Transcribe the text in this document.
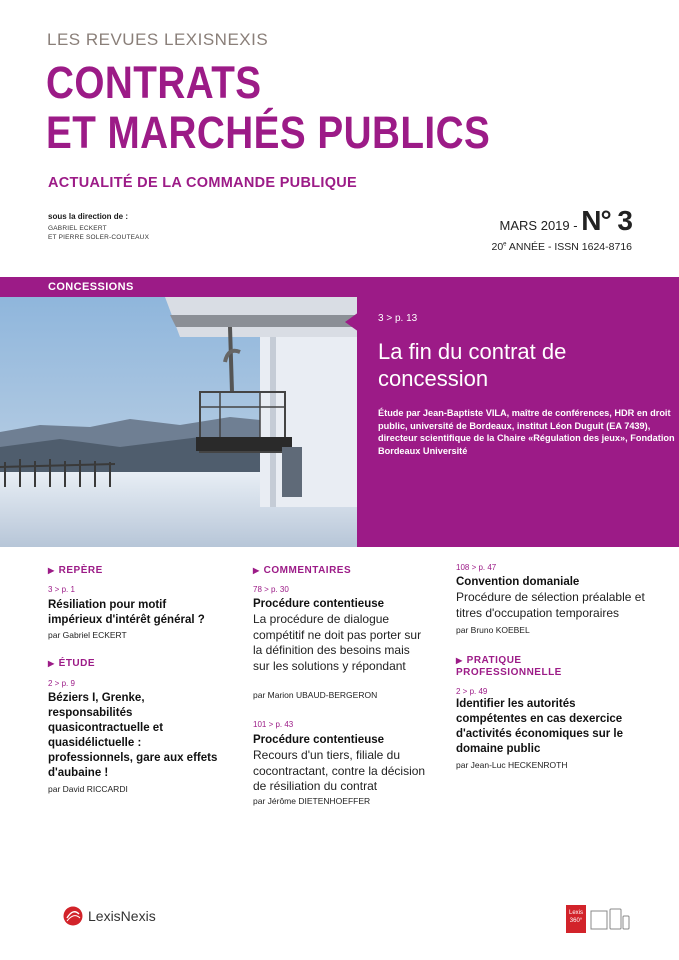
LES REVUES LEXISNEXIS
CONTRATS
ET MARCHÉS PUBLICS
ACTUALITÉ DE LA COMMANDE PUBLIQUE
sous la direction de :
GABRIEL ECKERT
ET PIERRE SOLER-COUTEAUX
MARS 2019 - N° 3
20e ANNÉE - ISSN 1624-8716
CONCESSIONS
3 > p. 13
La fin du contrat de concession
Étude par Jean-Baptiste VILA, maître de conférences, HDR en droit public, université de Bordeaux, institut Léon Duguit (EA 7439), directeur scientifique de la Chaire «Régulation des jeux», Fondation Bordeaux Université
▶ REPÈRE
3 > p. 1
Résiliation pour motif impérieux d'intérêt général ?
par Gabriel ECKERT
▶ ÉTUDE
2 > p. 9
Béziers I, Grenke, responsabilités quasicontractuelle et quasidélictuelle : professionnels, gare aux effets d'aubaine !
par David RICCARDI
▶ COMMENTAIRES
78 > p. 30
Procédure contentieuse
La procédure de dialogue compétitif ne doit pas porter sur la définition des besoins mais sur les solutions y répondant
par Marion UBAUD-BERGERON
101 > p. 43
Procédure contentieuse
Recours d'un tiers, filiale du cocontractant, contre la décision de résiliation du contrat
par Jérôme DIETENHOEFFER
108 > p. 47
Convention domaniale
Procédure de sélection préalable et titres d'occupation temporaires
par Bruno KOEBEL
▶ PRATIQUE
PROFESSIONNELLE
2 > p. 49
Identifier les autorités compétentes en cas dexercice d'activités économiques sur le domaine public
par Jean-Luc HECKENROTH
LexisNexis	Lexis
360°
